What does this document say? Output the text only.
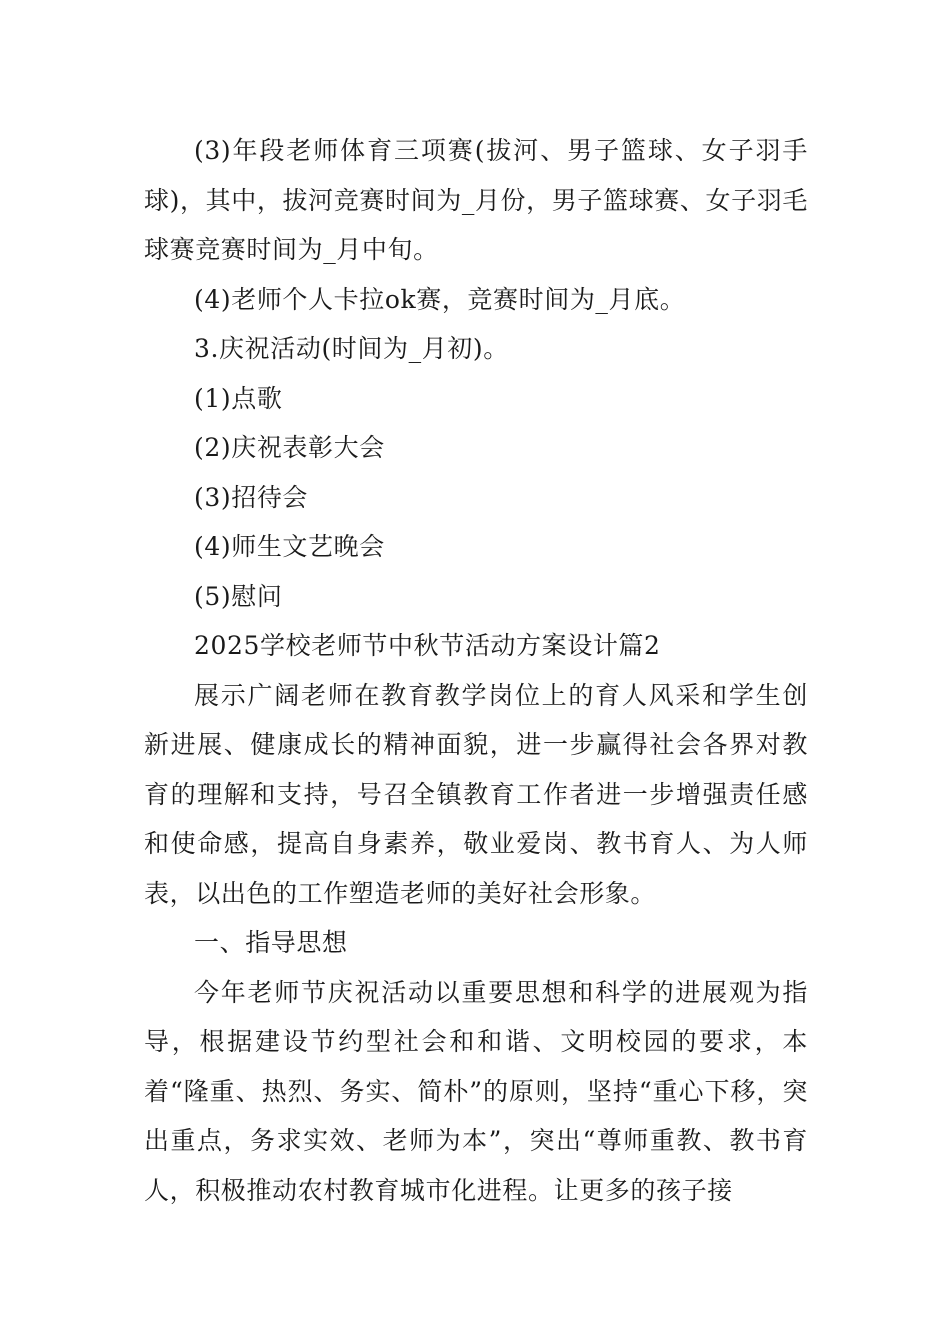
(3)年段老师体育三项赛(拔河、男子篮球、女子羽手球)，其中，拔河竞赛时间为_月份，男子篮球赛、女子羽毛球赛竞赛时间为_月中旬。

(4)老师个人卡拉ok赛，竞赛时间为_月底。

3.庆祝活动(时间为_月初)。

(1)点歌

(2)庆祝表彰大会

(3)招待会

(4)师生文艺晚会

(5)慰问

2025学校老师节中秋节活动方案设计篇2

展示广阔老师在教育教学岗位上的育人风采和学生创新进展、健康成长的精神面貌，进一步赢得社会各界对教育的理解和支持，号召全镇教育工作者进一步增强责任感和使命感，提高自身素养，敬业爱岗、教书育人、为人师表，以出色的工作塑造老师的美好社会形象。

一、指导思想

今年老师节庆祝活动以重要思想和科学的进展观为指导，根据建设节约型社会和和谐、文明校园的要求，本着“隆重、热烈、务实、简朴”的原则，坚持“重心下移，突出重点，务求实效、老师为本”，突出“尊师重教、教书育人，积极推动农村教育城市化进程。让更多的孩子接
